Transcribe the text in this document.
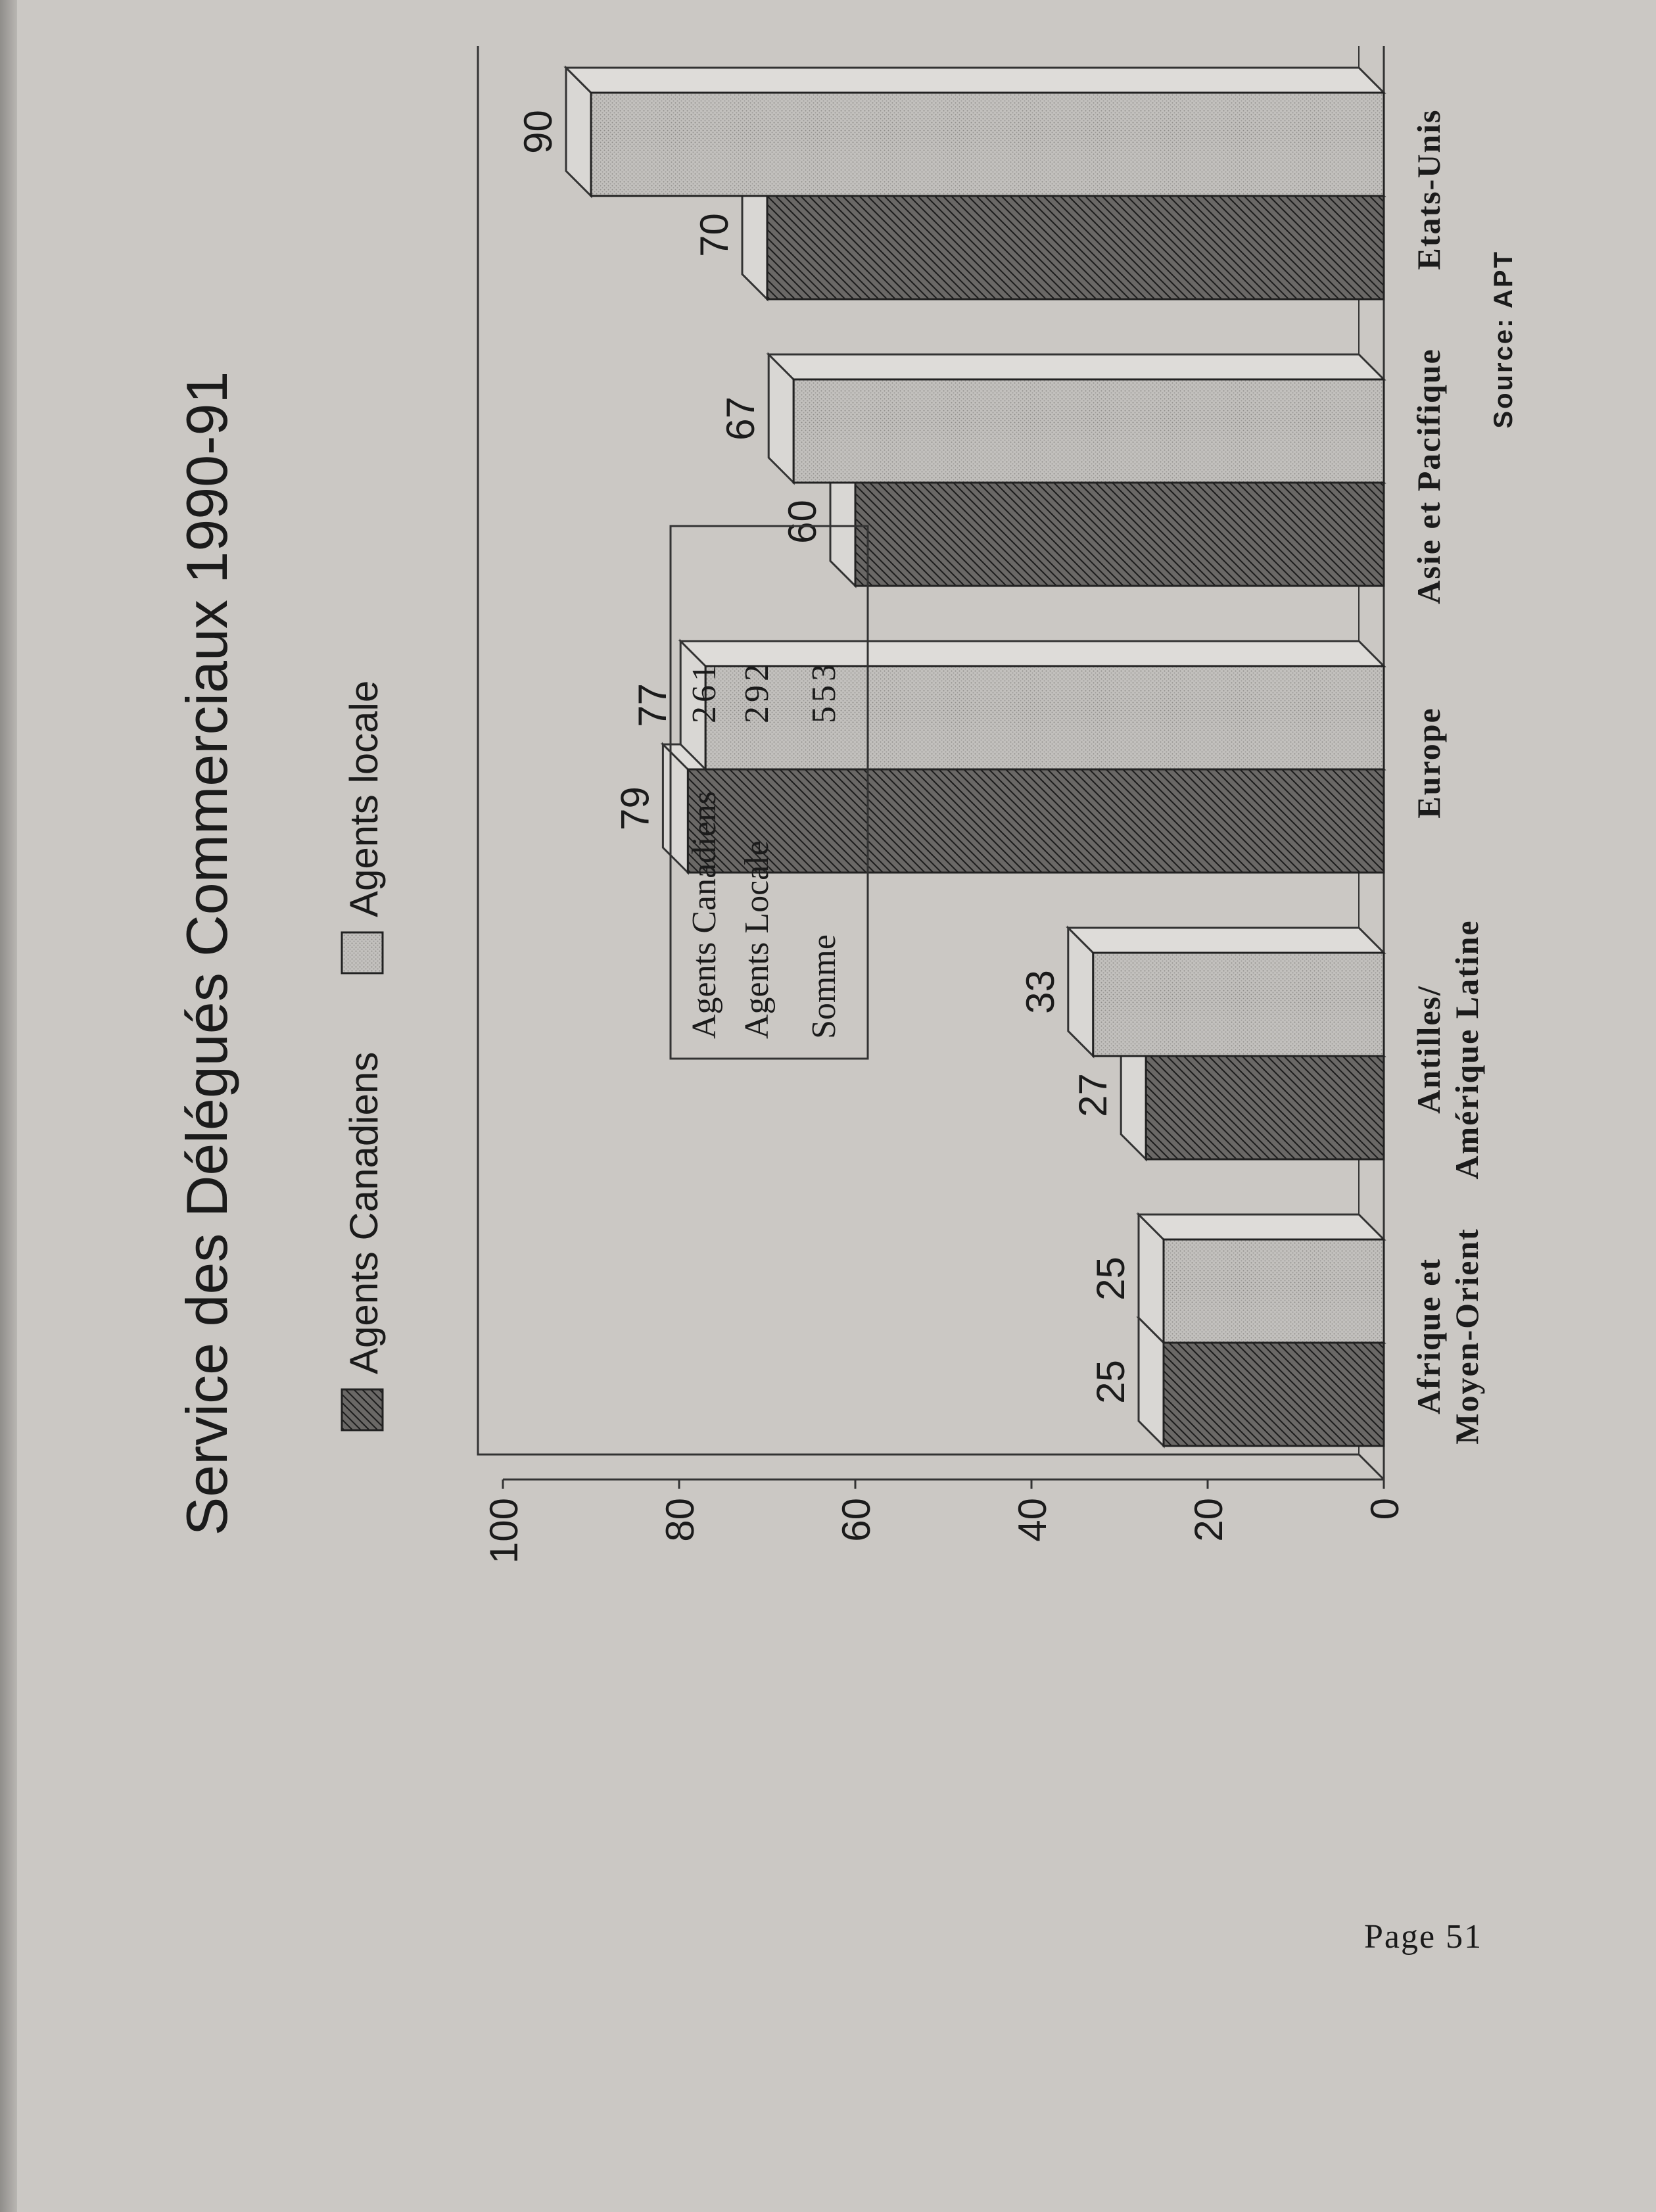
Service des Délégués Commerciaux 1990-91	Agents Canadiens
Agents locale
0
20
40
60
80
100
25
25	Afrique et Moyen-Orient
27
33	Antilles/ Amérique Latine
79
77
Europe
60
67	Asie et Pacifique
70
90	Etats-Unis
Agents Canadiens
261
Agents Locale
292
Somme
553
Source: APT
Page 51
